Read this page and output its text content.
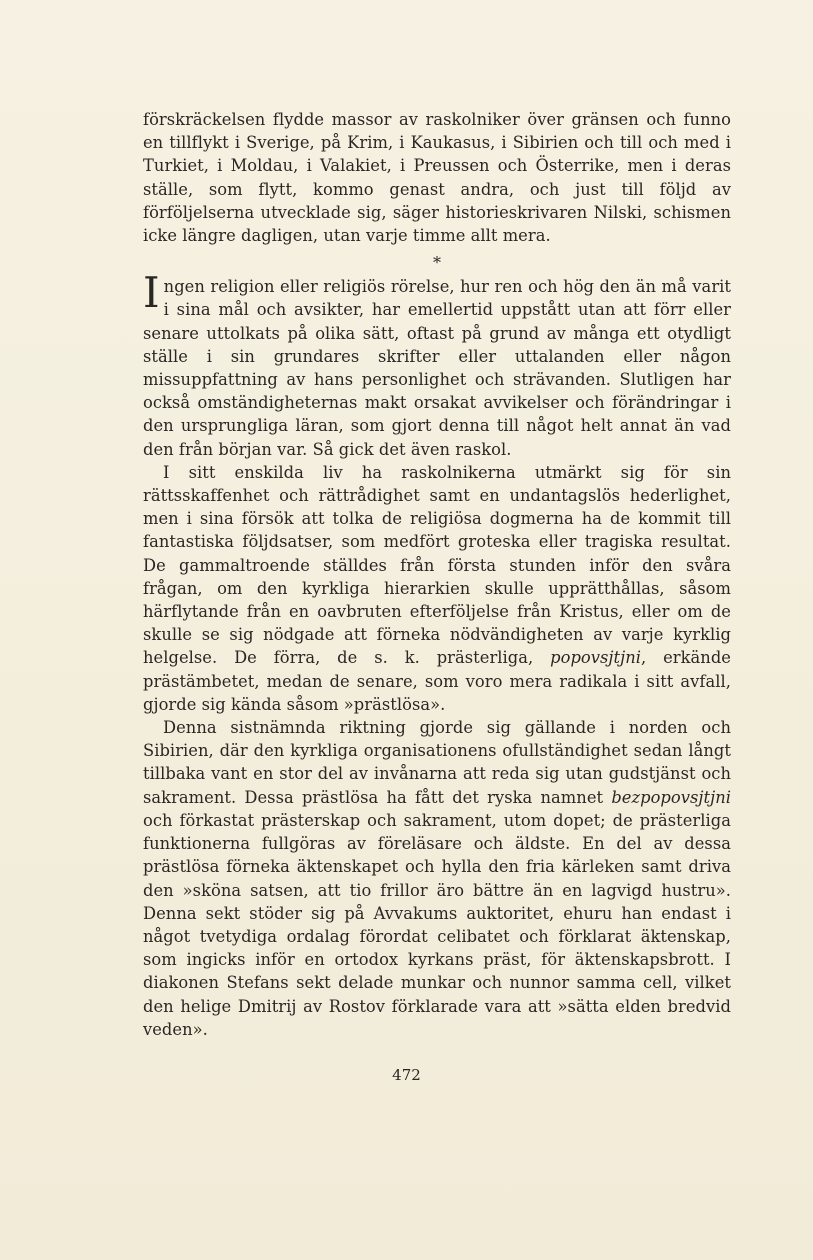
förskräckelsen flydde massor av raskolniker över gränsen och funno en tillflykt i Sverige, på Krim, i Kaukasus, i Sibirien och till och med i Turkiet, i Moldau, i Valakiet, i Preussen och Österrike, men i deras ställe, som flytt, kommo genast andra, och just till följd av förföljelserna utvecklade sig, säger historieskrivaren Nilski, schismen icke längre dagligen, utan varje timme allt mera.

*

Ingen religion eller religiös rörelse, hur ren och hög den än må varit i sina mål och avsikter, har emellertid uppstått utan att förr eller senare uttolkats på olika sätt, oftast på grund av många ett otydligt ställe i sin grundares skrifter eller uttalanden eller någon missuppfattning av hans personlighet och strävanden. Slutligen har också omständigheternas makt orsakat avvikelser och förändringar i den ursprungliga läran, som gjort denna till något helt annat än vad den från början var. Så gick det även raskol.

I sitt enskilda liv ha raskolnikerna utmärkt sig för sin rättsskaffenhet och rättrådighet samt en undantagslös hederlighet, men i sina försök att tolka de religiösa dogmerna ha de kommit till fantastiska följdsatser, som medfört groteska eller tragiska resultat. De gammaltroende ställdes från första stunden inför den svåra frågan, om den kyrkliga hierarkien skulle upprätthållas, såsom härflytande från en oavbruten efterföljelse från Kristus, eller om de skulle se sig nödgade att förneka nödvändigheten av varje kyrklig helgelse. De förra, de s. k. prästerliga, popovsjtjni, erkände prästämbetet, medan de senare, som voro mera radikala i sitt avfall, gjorde sig kända såsom »prästlösa».

Denna sistnämnda riktning gjorde sig gällande i norden och Sibirien, där den kyrkliga organisationens ofullständighet sedan långt tillbaka vant en stor del av invånarna att reda sig utan gudstjänst och sakrament. Dessa prästlösa ha fått det ryska namnet bezpopovsjtjni och förkastat prästerskap och sakrament, utom dopet; de prästerliga funktionerna fullgöras av föreläsare och äldste. En del av dessa prästlösa förneka äktenskapet och hylla den fria kärleken samt driva den »sköna satsen, att tio frillor äro bättre än en lagvigd hustru». Denna sekt stöder sig på Avvakums auktoritet, ehuru han endast i något tvetydiga ordalag förordat celibatet och förklarat äktenskap, som ingicks inför en ortodox kyrkans präst, för äktenskapsbrott. I diakonen Stefans sekt delade munkar och nunnor samma cell, vilket den helige Dmitrij av Rostov förklarade vara att »sätta elden bredvid veden».

472
